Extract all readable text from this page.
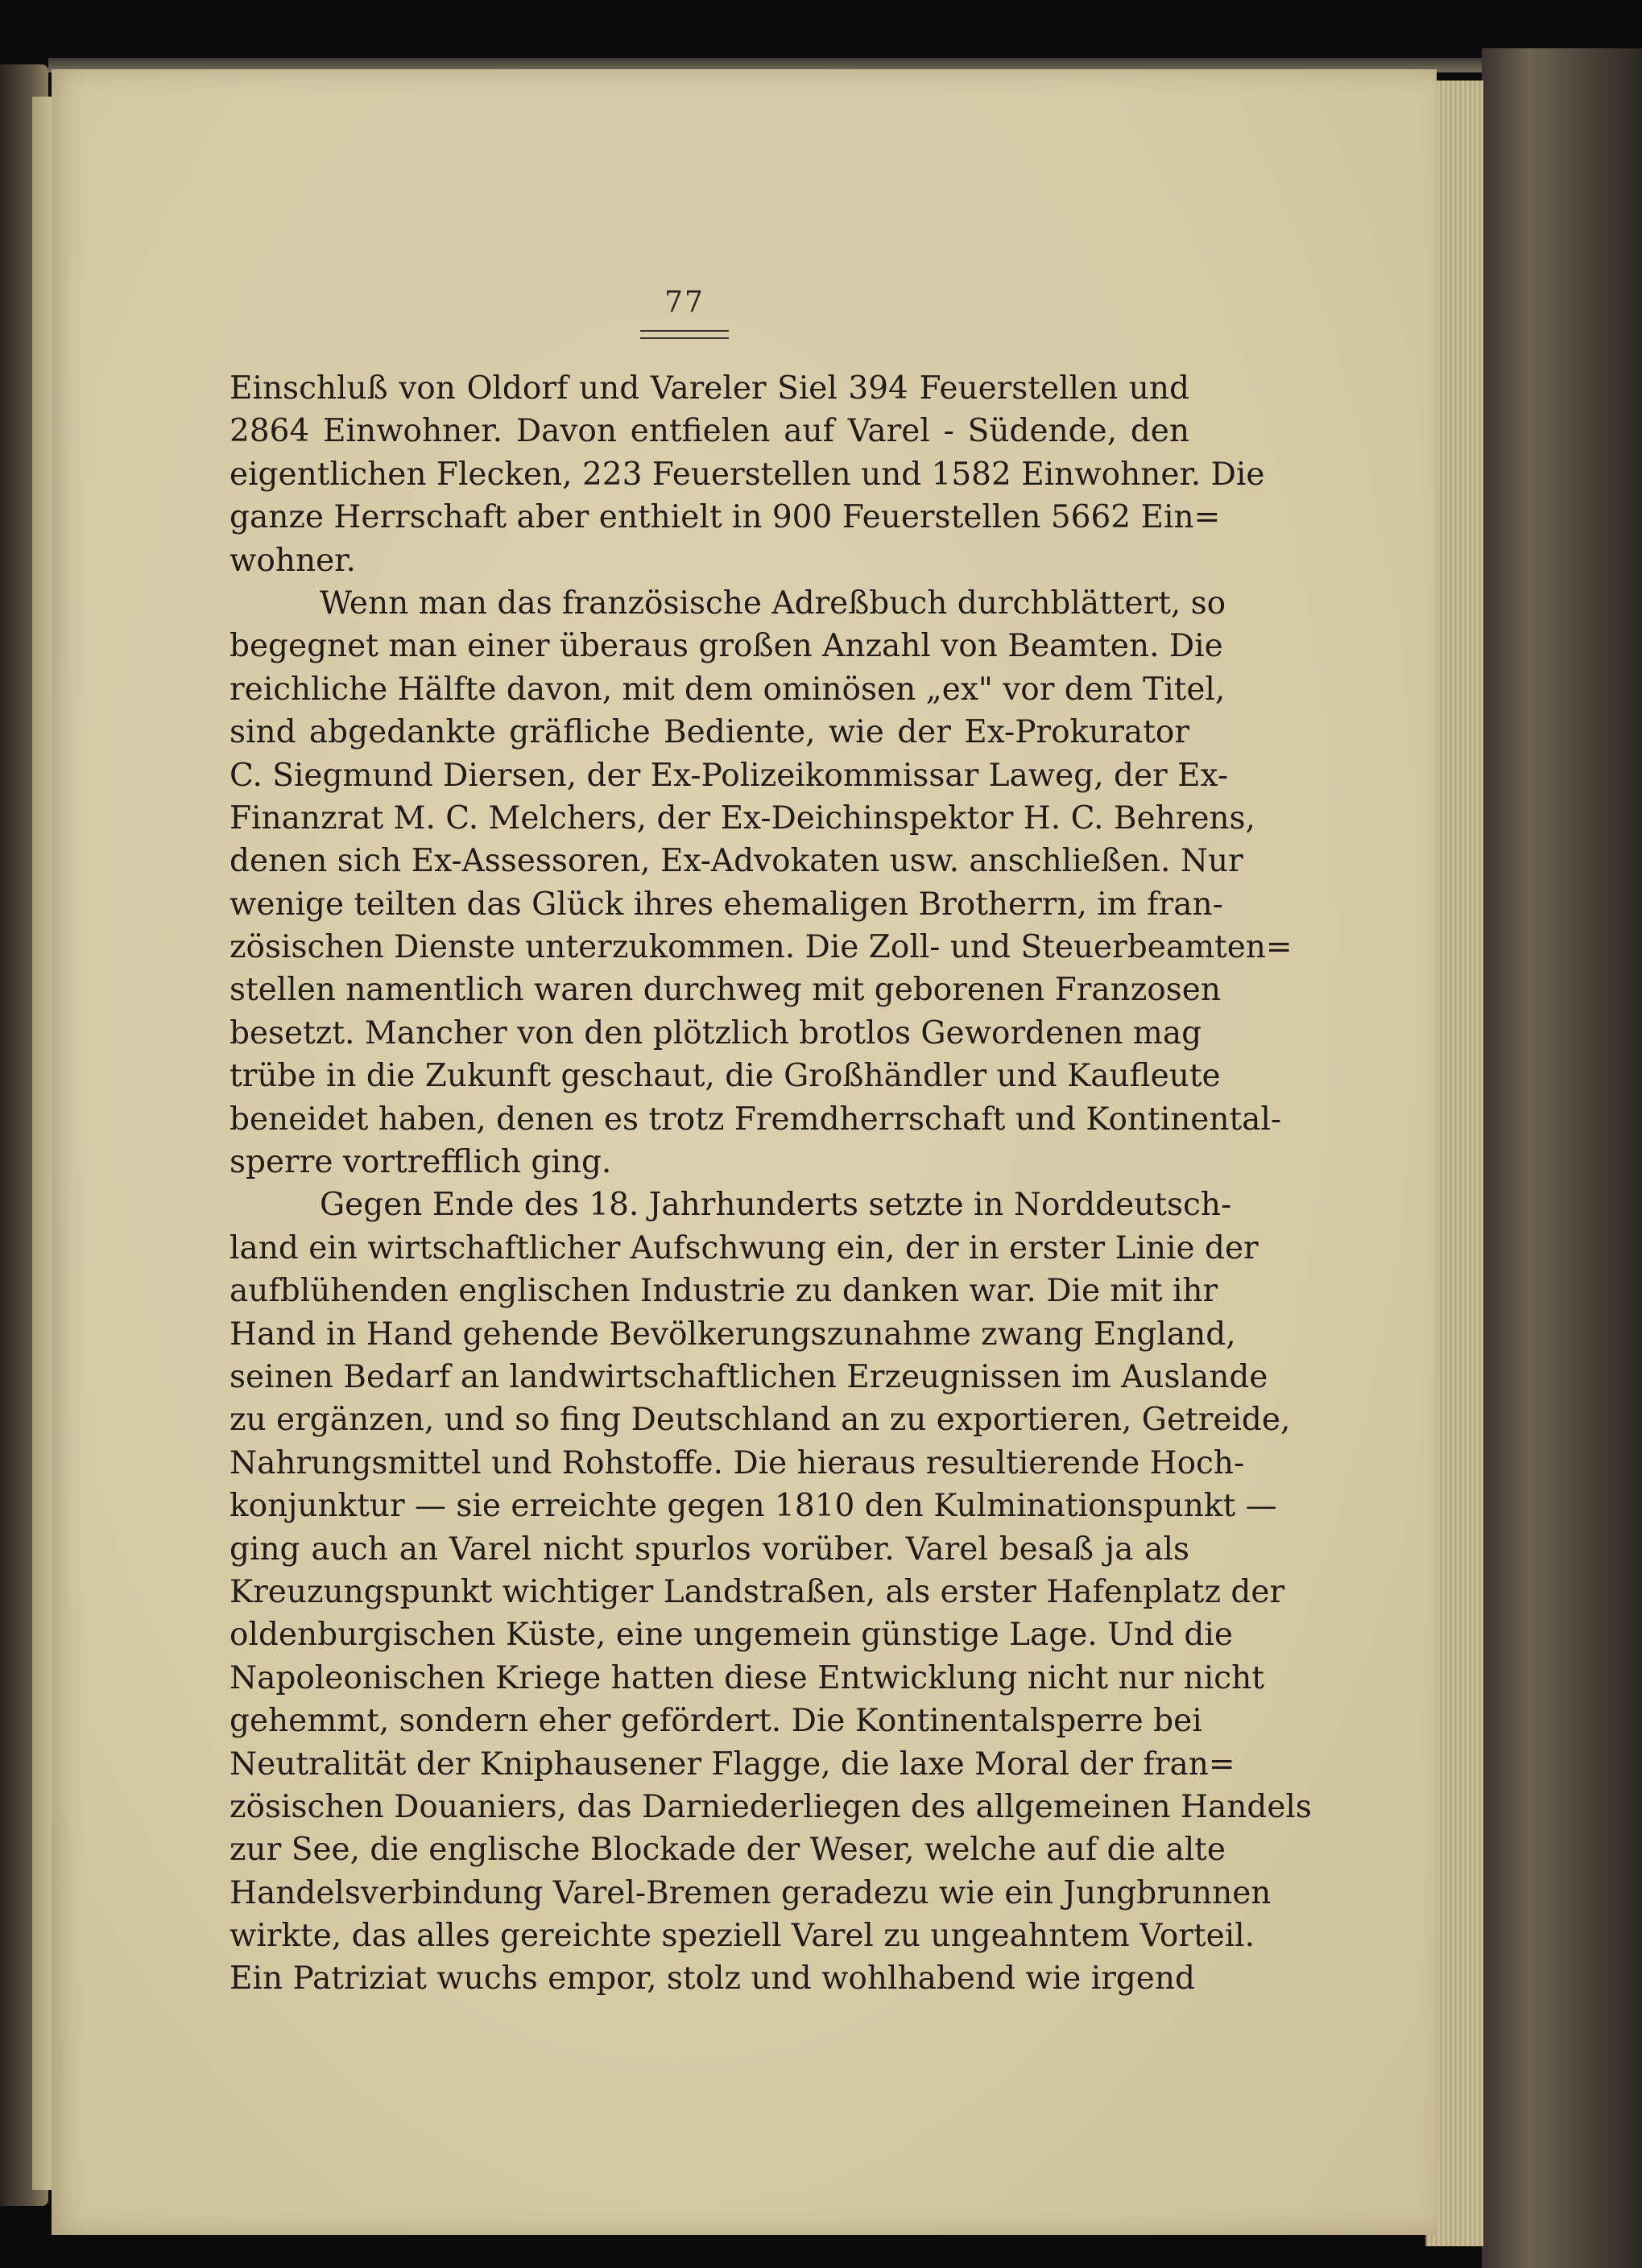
77
Einschluß von Oldorf und Vareler Siel 394 Feuerstellen und
2864 Einwohner. Davon entfielen auf Varel - Südende, den
eigentlichen Flecken, 223 Feuerstellen und 1582 Einwohner. Die
ganze Herrschaft aber enthielt in 900 Feuerstellen 5662 Ein=
wohner.
Wenn man das französische Adreßbuch durchblättert, so
begegnet man einer überaus großen Anzahl von Beamten. Die
reichliche Hälfte davon, mit dem ominösen „ex" vor dem Titel,
sind abgedankte gräfliche Bediente, wie der Ex-Prokurator
C. Siegmund Diersen, der Ex-Polizeikommissar Laweg, der Ex-
Finanzrat M. C. Melchers, der Ex-Deichinspektor H. C. Behrens,
denen sich Ex-Assessoren, Ex-Advokaten usw. anschließen. Nur
wenige teilten das Glück ihres ehemaligen Brotherrn, im fran-
zösischen Dienste unterzukommen. Die Zoll- und Steuerbeamten=
stellen namentlich waren durchweg mit geborenen Franzosen
besetzt. Mancher von den plötzlich brotlos Gewordenen mag
trübe in die Zukunft geschaut, die Großhändler und Kaufleute
beneidet haben, denen es trotz Fremdherrschaft und Kontinental-
sperre vortrefflich ging.
Gegen Ende des 18. Jahrhunderts setzte in Norddeutsch-
land ein wirtschaftlicher Aufschwung ein, der in erster Linie der
aufblühenden englischen Industrie zu danken war. Die mit ihr
Hand in Hand gehende Bevölkerungszunahme zwang England,
seinen Bedarf an landwirtschaftlichen Erzeugnissen im Auslande
zu ergänzen, und so fing Deutschland an zu exportieren, Getreide,
Nahrungsmittel und Rohstoffe. Die hieraus resultierende Hoch-
konjunktur — sie erreichte gegen 1810 den Kulminationspunkt —
ging auch an Varel nicht spurlos vorüber. Varel besaß ja als
Kreuzungspunkt wichtiger Landstraßen, als erster Hafenplatz der
oldenburgischen Küste, eine ungemein günstige Lage. Und die
Napoleonischen Kriege hatten diese Entwicklung nicht nur nicht
gehemmt, sondern eher gefördert. Die Kontinentalsperre bei
Neutralität der Kniphausener Flagge, die laxe Moral der fran=
zösischen Douaniers, das Darniederliegen des allgemeinen Handels
zur See, die englische Blockade der Weser, welche auf die alte
Handelsverbindung Varel-Bremen geradezu wie ein Jungbrunnen
wirkte, das alles gereichte speziell Varel zu ungeahntem Vorteil.
Ein Patriziat wuchs empor, stolz und wohlhabend wie irgend
